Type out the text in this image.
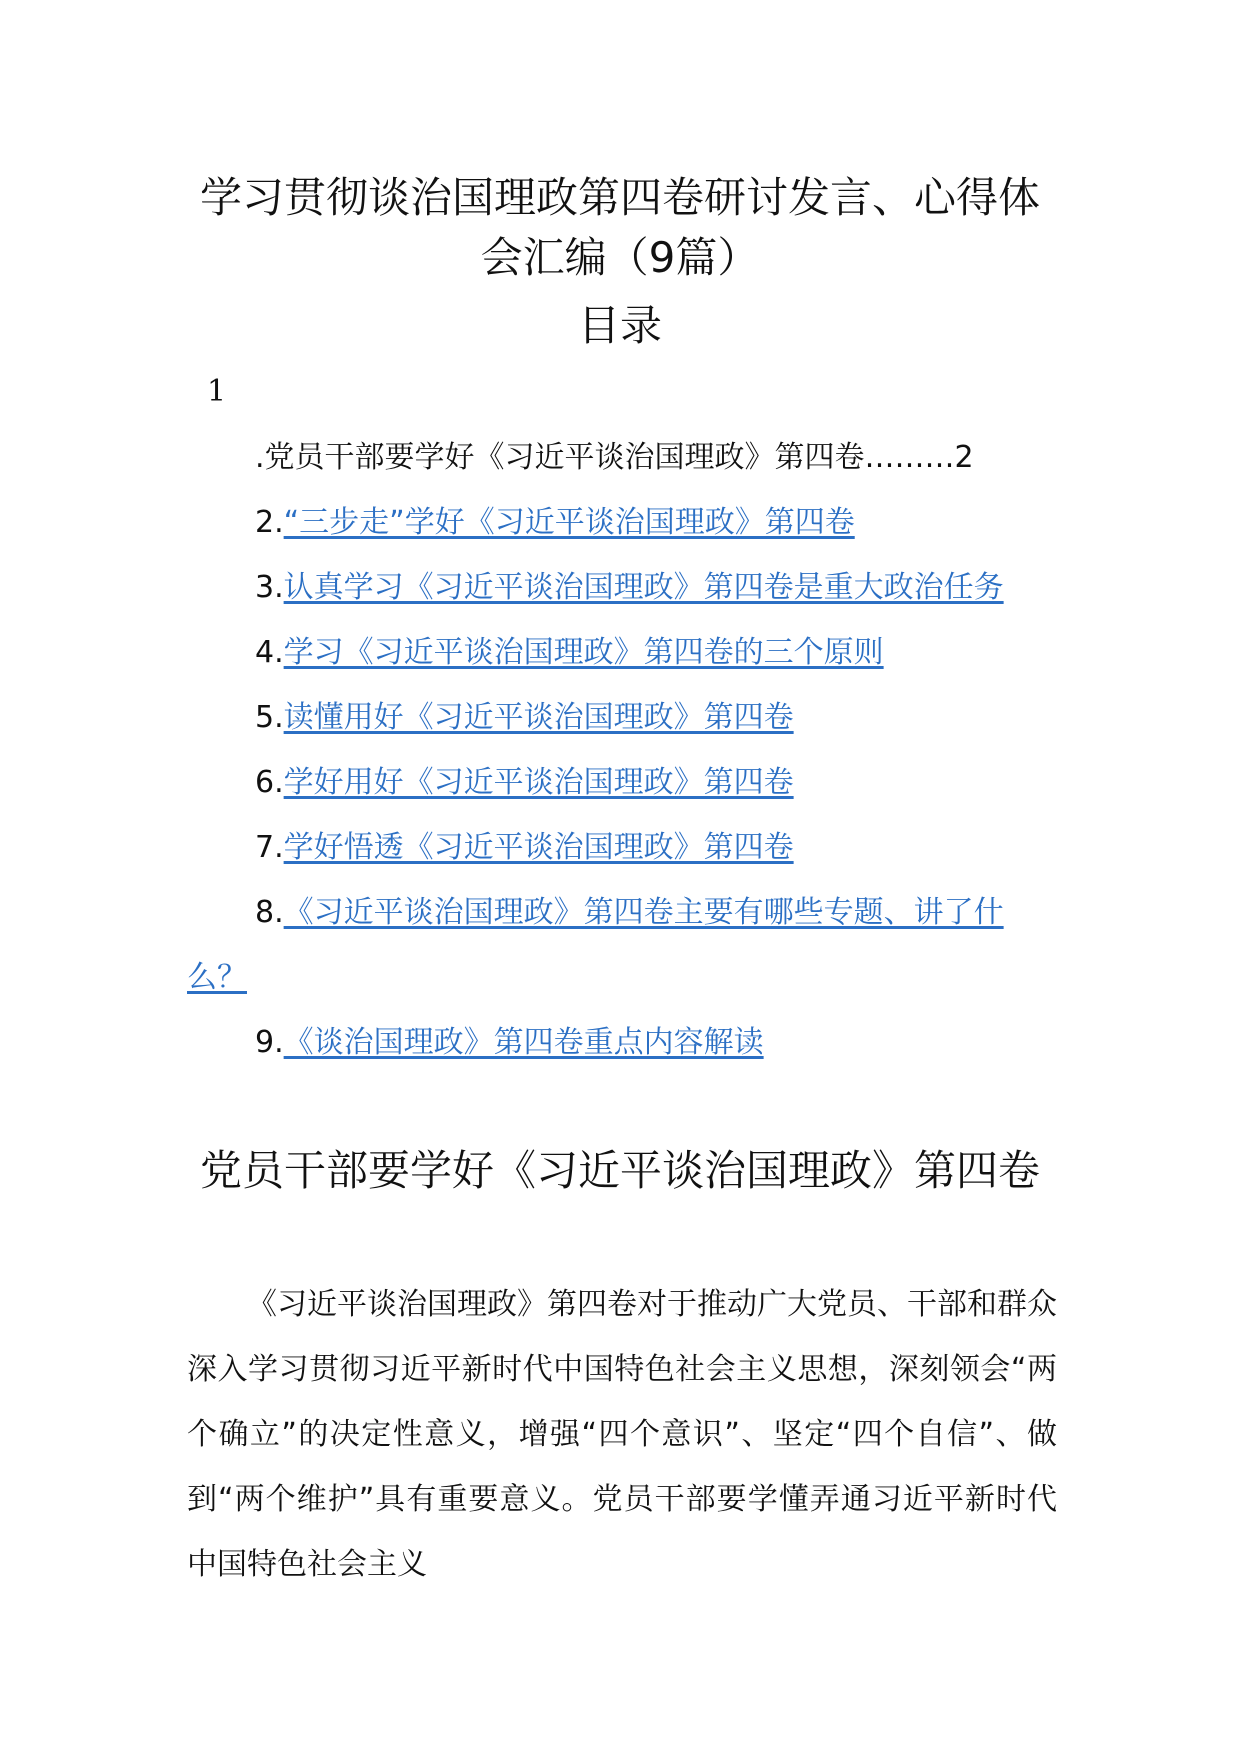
学习贯彻谈治国理政第四卷研讨发言、心得体会汇编（9篇）
目录
1

.党员干部要学好《习近平谈治国理政》第四卷………2

2.“三步走”学好《习近平谈治国理政》第四卷

3.认真学习《习近平谈治国理政》第四卷是重大政治任务

4.学习《习近平谈治国理政》第四卷的三个原则

5.读懂用好《习近平谈治国理政》第四卷

6.学好用好《习近平谈治国理政》第四卷

7.学好悟透《习近平谈治国理政》第四卷

8.《习近平谈治国理政》第四卷主要有哪些专题、讲了什么？

9.《谈治国理政》第四卷重点内容解读

党员干部要学好《习近平谈治国理政》第四卷

《习近平谈治国理政》第四卷对于推动广大党员、干部和群众深入学习贯彻习近平新时代中国特色社会主义思想，深刻领会“两个确立”的决定性意义，增强“四个意识”、坚定“四个自信”、做到“两个维护”具有重要意义。党员干部要学懂弄通习近平新时代中国特色社会主义
